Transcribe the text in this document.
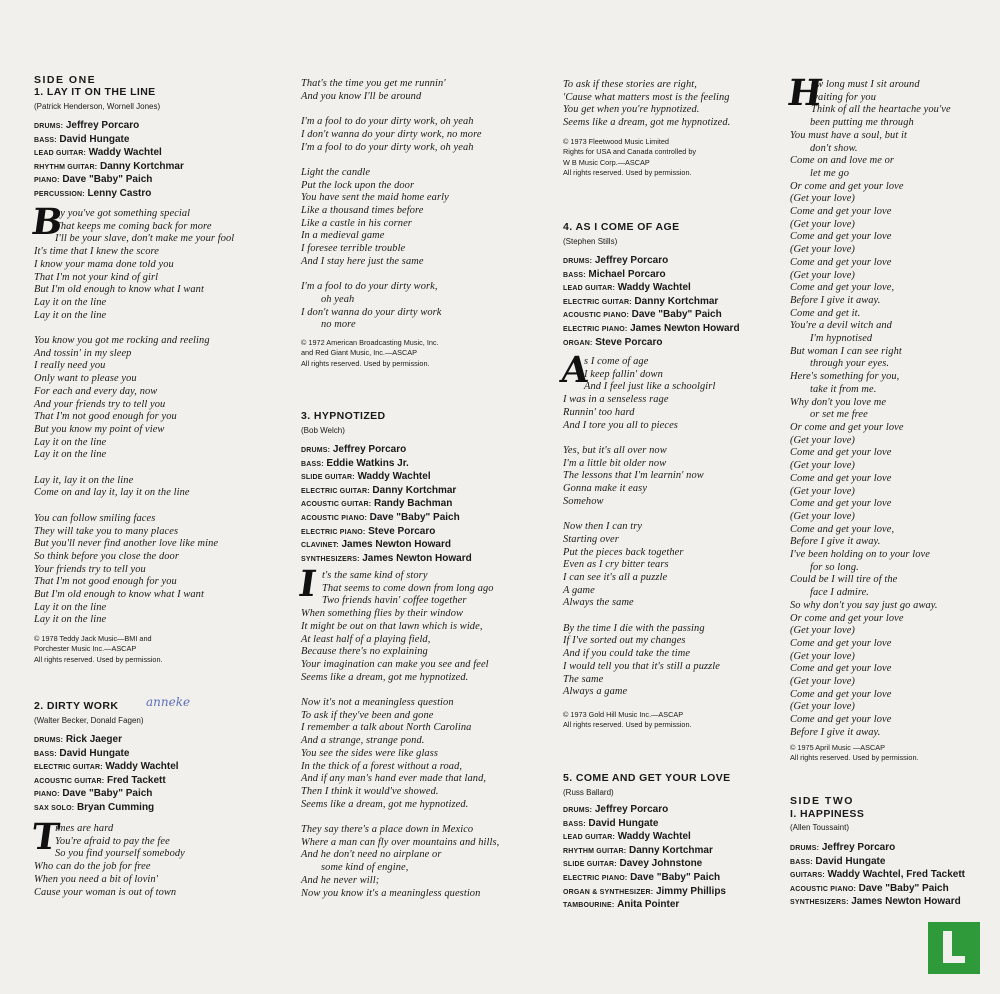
SIDE ONE
1. LAY IT ON THE LINE
(Patrick Henderson, Wornell Jones)
DRUMS: Jeffrey Porcaro
BASS: David Hungate
LEAD GUITAR: Waddy Wachtel
RHYTHM GUITAR: Danny Kortchmar
PIANO: Dave "Baby" Paich
PERCUSSION: Lenny Castro
B
oy you've got something special
That keeps me coming back for more
I'll be your slave, don't make me your fool
It's time that I knew the score
I know your mama done told you
That I'm not your kind of girl
But I'm old enough to know what I want
Lay it on the line
Lay it on the line
You know you got me rocking and reeling
And tossin' in my sleep
I really need you
Only want to please you
For each and every day, now
And your friends try to tell you
That I'm not good enough for you
But you know my point of view
Lay it on the line
Lay it on the line
Lay it, lay it on the line
Come on and lay it, lay it on the line
You can follow smiling faces
They will take you to many places
But you'll never find another love like mine
So think before you close the door
Your friends try to tell you
That I'm not good enough for you
But I'm old enough to know what I want
Lay it on the line
Lay it on the line
© 1978 Teddy Jack Music—BMI and
Porchester Music Inc.—ASCAP
All rights reserved. Used by permission.
2. DIRTY WORK
(Walter Becker, Donald Fagen)
DRUMS: Rick Jaeger
BASS: David Hungate
ELECTRIC GUITAR: Waddy Wachtel
ACOUSTIC GUITAR: Fred Tackett
PIANO: Dave "Baby" Paich
SAX SOLO: Bryan Cumming
T
imes are hard
You're afraid to pay the fee
So you find yourself somebody
Who can do the job for free
When you need a bit of lovin'
Cause your woman is out of town
anneke
That's the time you get me runnin'
And you know I'll be around
I'm a fool to do your dirty work, oh yeah
I don't wanna do your dirty work, no more
I'm a fool to do your dirty work, oh yeah
Light the candle
Put the lock upon the door
You have sent the maid home early
Like a thousand times before
Like a castle in his corner
In a medieval game
I foresee terrible trouble
And I stay here just the same
I'm a fool to do your dirty work,
oh yeah
I don't wanna do your dirty work
no more
© 1972 American Broadcasting Music, Inc.
and Red Giant Music, Inc.—ASCAP
All rights reserved. Used by permission.
3. HYPNOTIZED
(Bob Welch)
DRUMS: Jeffrey Porcaro
BASS: Eddie Watkins Jr.
SLIDE GUITAR: Waddy Wachtel
ELECTRIC GUITAR: Danny Kortchmar
ACOUSTIC GUITAR: Randy Bachman
ACOUSTIC PIANO: Dave "Baby" Paich
ELECTRIC PIANO: Steve Porcaro
CLAVINET: James Newton Howard
SYNTHESIZERS: James Newton Howard
I t's the same kind of story
That seems to come down from long ago
Two friends havin' coffee together
When something flies by their window
It might be out on that lawn which is wide,
At least half of a playing field,
Because there's no explaining
Your imagination can make you see and feel
Seems like a dream, got me hypnotized.
Now it's not a meaningless question
To ask if they've been and gone
I remember a talk about North Carolina
And a strange, strange pond.
You see the sides were like glass
In the thick of a forest without a road,
And if any man's hand ever made that land,
Then I think it would've showed.
Seems like a dream, got me hypnotized.
They say there's a place down in Mexico
Where a man can fly over mountains and hills,
And he don't need no airplane or
some kind of engine,
And he never will;
Now you know it's a meaningless question
To ask if these stories are right,
'Cause what matters most is the feeling
You get when you're hypnotized.
Seems like a dream, got me hypnotized.
© 1973 Fleetwood Music Limited
Rights for USA and Canada controlled by
W B Music Corp.—ASCAP
All rights reserved. Used by permission.
4. AS I COME OF AGE
(Stephen Stills)
DRUMS: Jeffrey Porcaro
BASS: Michael Porcaro
LEAD GUITAR: Waddy Wachtel
ELECTRIC GUITAR: Danny Kortchmar
ACOUSTIC PIANO: Dave "Baby" Paich
ELECTRIC PIANO: James Newton Howard
ORGAN: Steve Porcaro
A
s I come of age
I keep fallin' down
And I feel just like a schoolgirl
I was in a senseless rage
Runnin' too hard
And I tore you all to pieces
Yes, but it's all over now
I'm a little bit older now
The lessons that I'm learnin' now
Gonna make it easy
Somehow
Now then I can try
Starting over
Put the pieces back together
Even as I cry bitter tears
I can see it's all a puzzle
A game
Always the same
By the time I die with the passing
If I've sorted out my changes
And if you could take the time
I would tell you that it's still a puzzle
The same
Always a game
© 1973 Gold Hill Music Inc.—ASCAP
All rights reserved. Used by permission.
5. COME AND GET YOUR LOVE
(Russ Ballard)
DRUMS: Jeffrey Porcaro
BASS: David Hungate
LEAD GUITAR: Waddy Wachtel
RHYTHM GUITAR: Danny Kortchmar
SLIDE GUITAR: Davey Johnstone
ELECTRIC PIANO: Dave "Baby" Paich
ORGAN & SYNTHESIZER: Jimmy Phillips
TAMBOURINE: Anita Pointer
H
ow long must I sit around
waiting for you
Think of all the heartache you've
been putting me through
You must have a soul, but it
don't show.
Come on and love me or
let me go
Or come and get your love
(Get your love)
Come and get your love
(Get your love)
Come and get your love
(Get your love)
Come and get your love
(Get your love)
Come and get your love,
Before I give it away.
Come and get it.
You're a devil witch and
I'm hypnotised
But woman I can see right
through your eyes.
Here's something for you,
take it from me.
Why don't you love me
or set me free
Or come and get your love
(Get your love)
Come and get your love
(Get your love)
Come and get your love
(Get your love)
Come and get your love
(Get your love)
Come and get your love,
Before I give it away.
I've been holding on to your love
for so long.
Could be I will tire of the
face I admire.
So why don't you say just go away.
Or come and get your love
(Get your love)
Come and get your love
(Get your love)
Come and get your love
(Get your love)
Come and get your love
(Get your love)
Come and get your love
Before I give it away.
© 1975 April Music —ASCAP
All rights reserved. Used by permission.
SIDE TWO
I. HAPPINESS
(Allen Toussaint)
DRUMS: Jeffrey Porcaro
BASS: David Hungate
GUITARS: Waddy Wachtel, Fred Tackett
ACOUSTIC PIANO: Dave "Baby" Paich
SYNTHESIZERS: James Newton Howard
